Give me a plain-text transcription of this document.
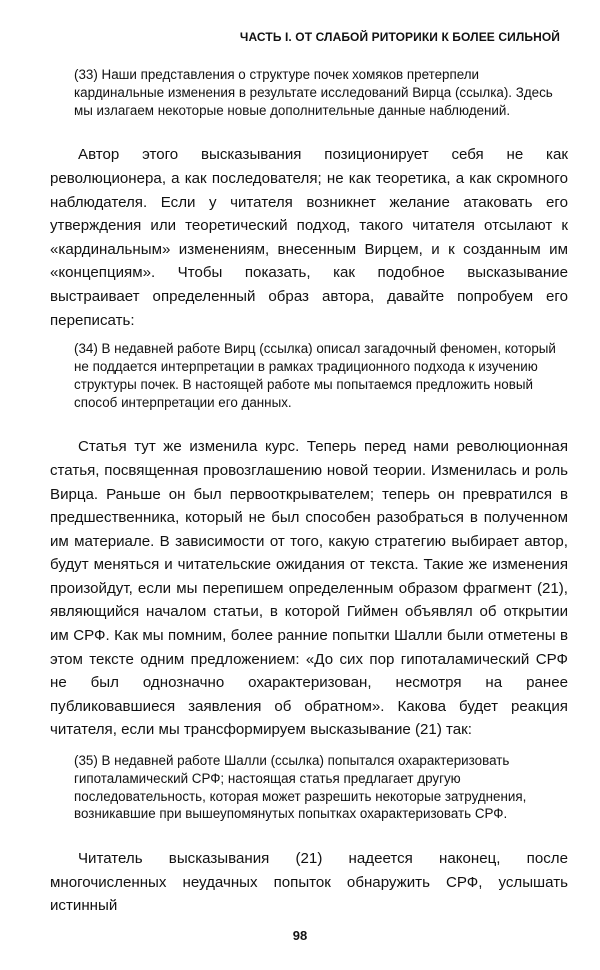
ЧАСТЬ I. ОТ СЛАБОЙ РИТОРИКИ К БОЛЕЕ СИЛЬНОЙ

(33) Наши представления о структуре почек хомяков претерпели кардинальные изменения в результате исследований Вирца (ссылка). Здесь мы излагаем некоторые новые дополнительные данные наблюдений.

Автор этого высказывания позиционирует себя не как революционера, а как последователя; не как теоретика, а как скромного наблюдателя. Если у читателя возникнет желание атаковать его утверждения или теоретический подход, такого читателя отсылают к «кардинальным» изменениям, внесенным Вирцем, и к созданным им «концепциям». Чтобы показать, как подобное высказывание выстраивает определенный образ автора, давайте попробуем его переписать:

(34) В недавней работе Вирц (ссылка) описал загадочный феномен, который не поддается интерпретации в рамках традиционного подхода к изучению структуры почек. В настоящей работе мы попытаемся предложить новый способ интерпретации его данных.

Статья тут же изменила курс. Теперь перед нами революционная статья, посвященная провозглашению новой теории. Изменилась и роль Вирца. Раньше он был первооткрывателем; теперь он превратился в предшественника, который не был способен разобраться в полученном им материале. В зависимости от того, какую стратегию выбирает автор, будут меняться и читательские ожидания от текста. Такие же изменения произойдут, если мы перепишем определенным образом фрагмент (21), являющийся началом статьи, в которой Гиймен объявлял об открытии им СРФ. Как мы помним, более ранние попытки Шалли были отметены в этом тексте одним предложением: «До сих пор гипоталамический СРФ не был однозначно охарактеризован, несмотря на ранее публиковавшиеся заявления об обратном». Какова будет реакция читателя, если мы трансформируем высказывание (21) так:

(35) В недавней работе Шалли (ссылка) попытался охарактеризовать гипоталамический СРФ; настоящая статья предлагает другую последовательность, которая может разрешить некоторые затруднения, возникавшие при вышеупомянутых попытках охарактеризовать СРФ.

Читатель высказывания (21) надеется наконец, после многочисленных неудачных попыток обнаружить СРФ, услышать истинный

98
